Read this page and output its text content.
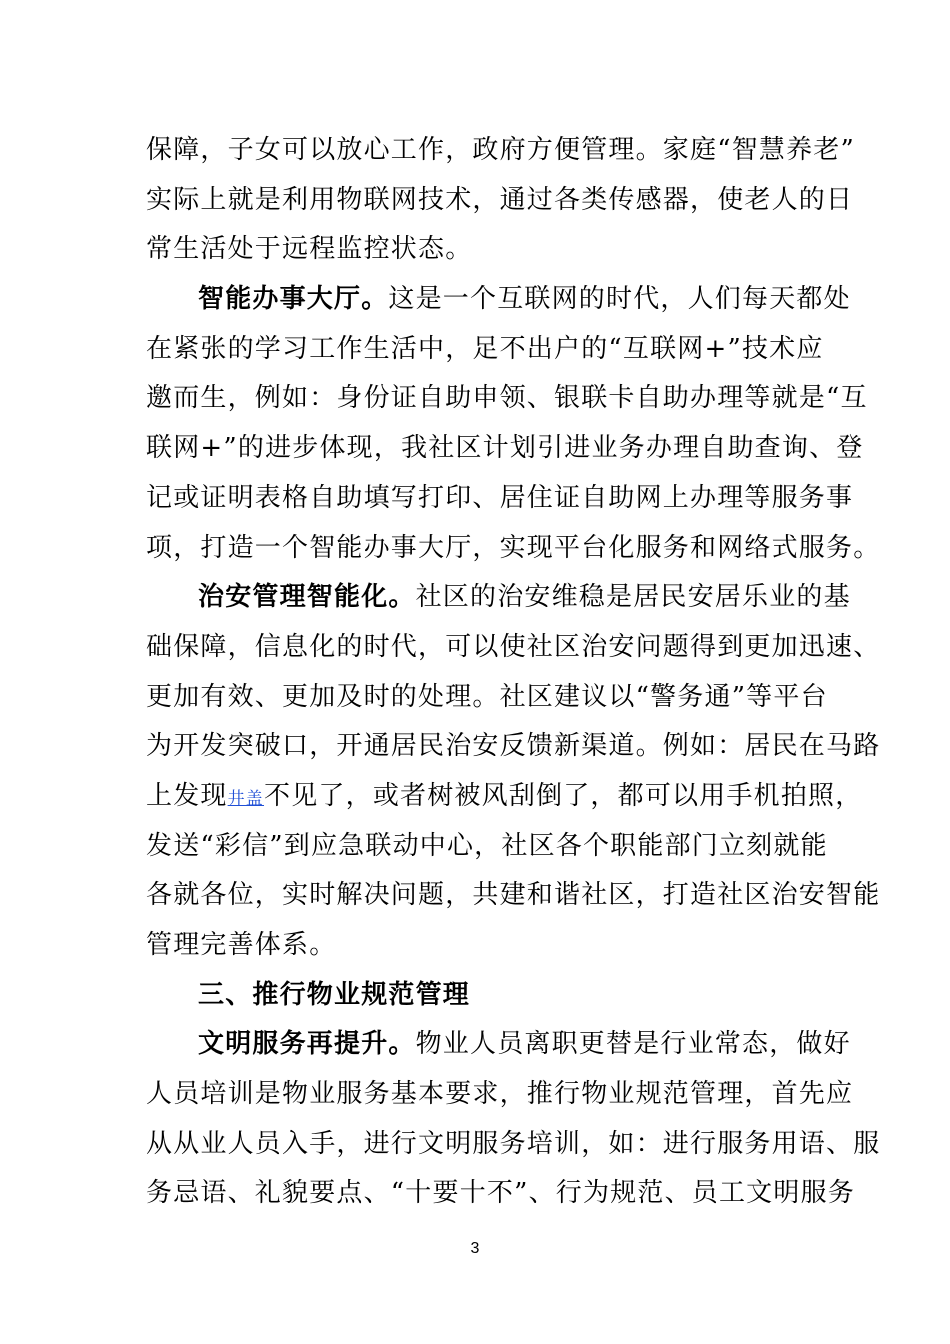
保障，子女可以放心工作，政府方便管理。家庭“智慧养老”
实际上就是利用物联网技术，通过各类传感器，使老人的日
常生活处于远程监控状态。
智能办事大厅。这是一个互联网的时代，人们每天都处
在紧张的学习工作生活中，足不出户的“互联网+”技术应
邀而生，例如：身份证自助申领、银联卡自助办理等就是“互
联网+”的进步体现，我社区计划引进业务办理自助查询、登
记或证明表格自助填写打印、居住证自助网上办理等服务事
项，打造一个智能办事大厅，实现平台化服务和网络式服务。
治安管理智能化。社区的治安维稳是居民安居乐业的基
础保障，信息化的时代，可以使社区治安问题得到更加迅速、
更加有效、更加及时的处理。社区建议以“警务通”等平台
为开发突破口，开通居民治安反馈新渠道。例如：居民在马路
上发现井盖不见了，或者树被风刮倒了，都可以用手机拍照，
发送“彩信”到应急联动中心，社区各个职能部门立刻就能
各就各位，实时解决问题，共建和谐社区，打造社区治安智能
管理完善体系。
三、推行物业规范管理
文明服务再提升。物业人员离职更替是行业常态，做好
人员培训是物业服务基本要求，推行物业规范管理，首先应
从从业人员入手，进行文明服务培训，如：进行服务用语、服
务忌语、礼貌要点、“十要十不”、行为规范、员工文明服务
3
